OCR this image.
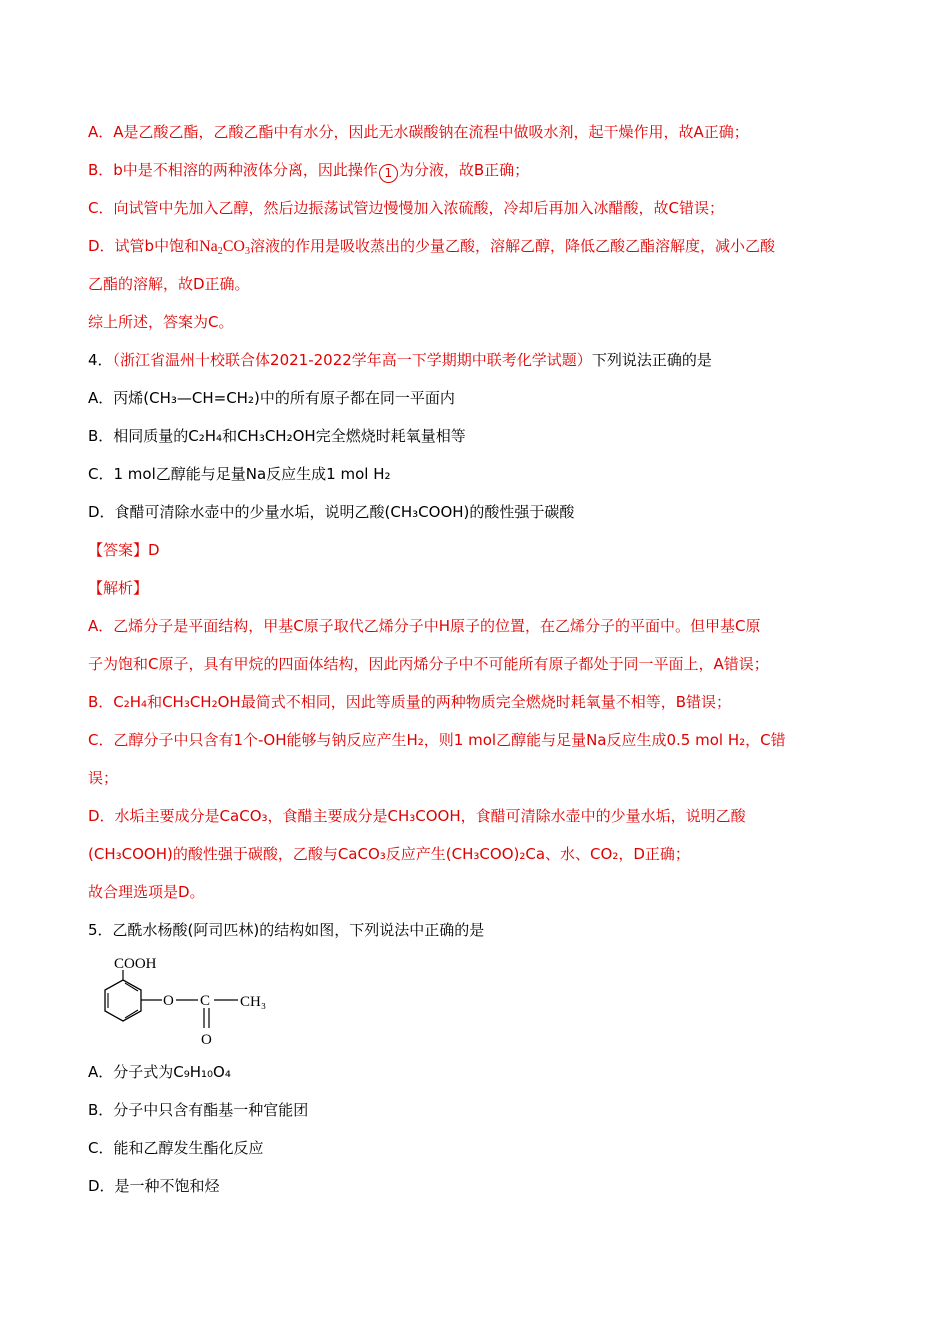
A．A是乙酸乙酯，乙酸乙酯中有水分，因此无水碳酸钠在流程中做吸水剂，起干燥作用，故A正确；
B．b中是不相溶的两种液体分离，因此操作 1 为分液，故B正确；
C．向试管中先加入乙醇，然后边振荡试管边慢慢加入浓硫酸，冷却后再加入冰醋酸，故C错误；
D．试管b中饱和$Na_2CO_3$溶液的作用是吸收蒸出的少量乙酸，溶解乙醇，降低乙酸乙酯溶解度，减小乙酸
乙酯的溶解，故D正确。
综上所述，答案为C。
4．（浙江省温州十校联合体2021-2022学年高一下学期期中联考化学试题）下列说法正确的是
A．丙烯(CH₃—CH=CH₂)中的所有原子都在同一平面内
B．相同质量的C₂H₄和CH₃CH₂OH完全燃烧时耗氧量相等
C．1 mol乙醇能与足量Na反应生成1 mol H₂
D．食醋可清除水壶中的少量水垢，说明乙酸(CH₃COOH)的酸性强于碳酸
【答案】D
【解析】
A．乙烯分子是平面结构，甲基C原子取代乙烯分子中H原子的位置，在乙烯分子的平面中。但甲基C原
子为饱和C原子，具有甲烷的四面体结构，因此丙烯分子中不可能所有原子都处于同一平面上，A错误；
B．C₂H₄和CH₃CH₂OH最简式不相同，因此等质量的两种物质完全燃烧时耗氧量不相等，B错误；
C．乙醇分子中只含有1个-OH能够与钠反应产生H₂，则1 mol乙醇能与足量Na反应生成0.5 mol H₂，C错
误；
D．水垢主要成分是CaCO₃，食醋主要成分是CH₃COOH，食醋可清除水壶中的少量水垢，说明乙酸
(CH₃COOH)的酸性强于碳酸，乙酸与CaCO₃反应产生(CH₃COO)₂Ca、水、CO₂，D正确；
故合理选项是D。
5．乙酰水杨酸(阿司匹林)的结构如图，下列说法中正确的是
COOH
O C CH₃
O
A．分子式为C₉H₁₀O₄
B．分子中只含有酯基一种官能团
C．能和乙醇发生酯化反应
D．是一种不饱和烃
